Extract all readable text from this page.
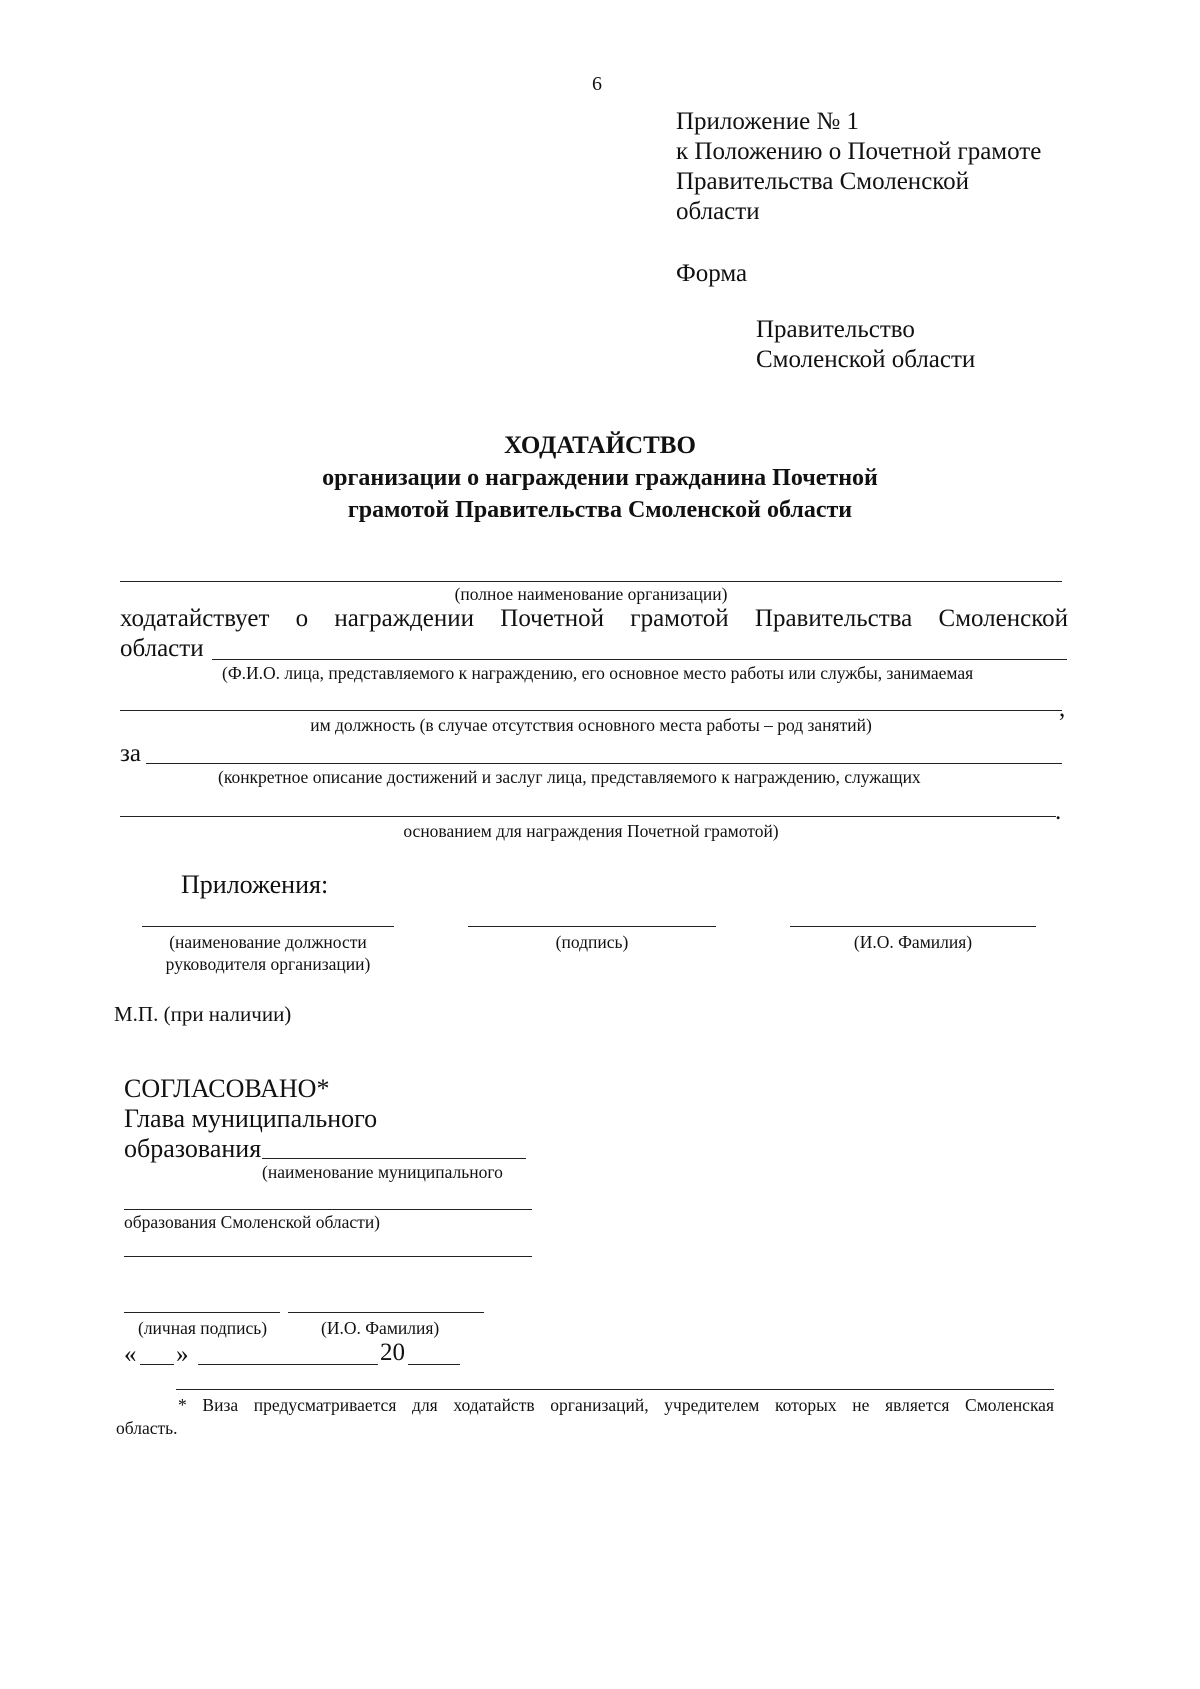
6
Приложение № 1
к Положению о Почетной грамоте
Правительства Смоленской
области
Форма
Правительство
Смоленской области
ХОДАТАЙСТВО
организации о награждении гражданина Почетной
грамотой Правительства Смоленской области
(полное наименование организации)
ходатайствует о награждении Почетной грамотой Правительства Смоленской
области
(Ф.И.О. лица, представляемого к награждению, его основное место работы или службы, занимаемая
,
им должность (в случае отсутствия основного места работы – род занятий)
за
(конкретное описание достижений и заслуг лица, представляемого к награждению, служащих
.
основанием для награждения Почетной грамотой)
Приложения:
(наименование должности
руководителя организации)
(подпись)	(И.О. Фамилия)
М.П. (при наличии)
СОГЛАСОВАНО*
Глава муниципального
образования
(наименование муниципального
образования Смоленской области)
(личная подпись)	(И.О. Фамилия)
« »	20
* Виза предусматривается для ходатайств организаций, учредителем которых не является Смоленская
область.
